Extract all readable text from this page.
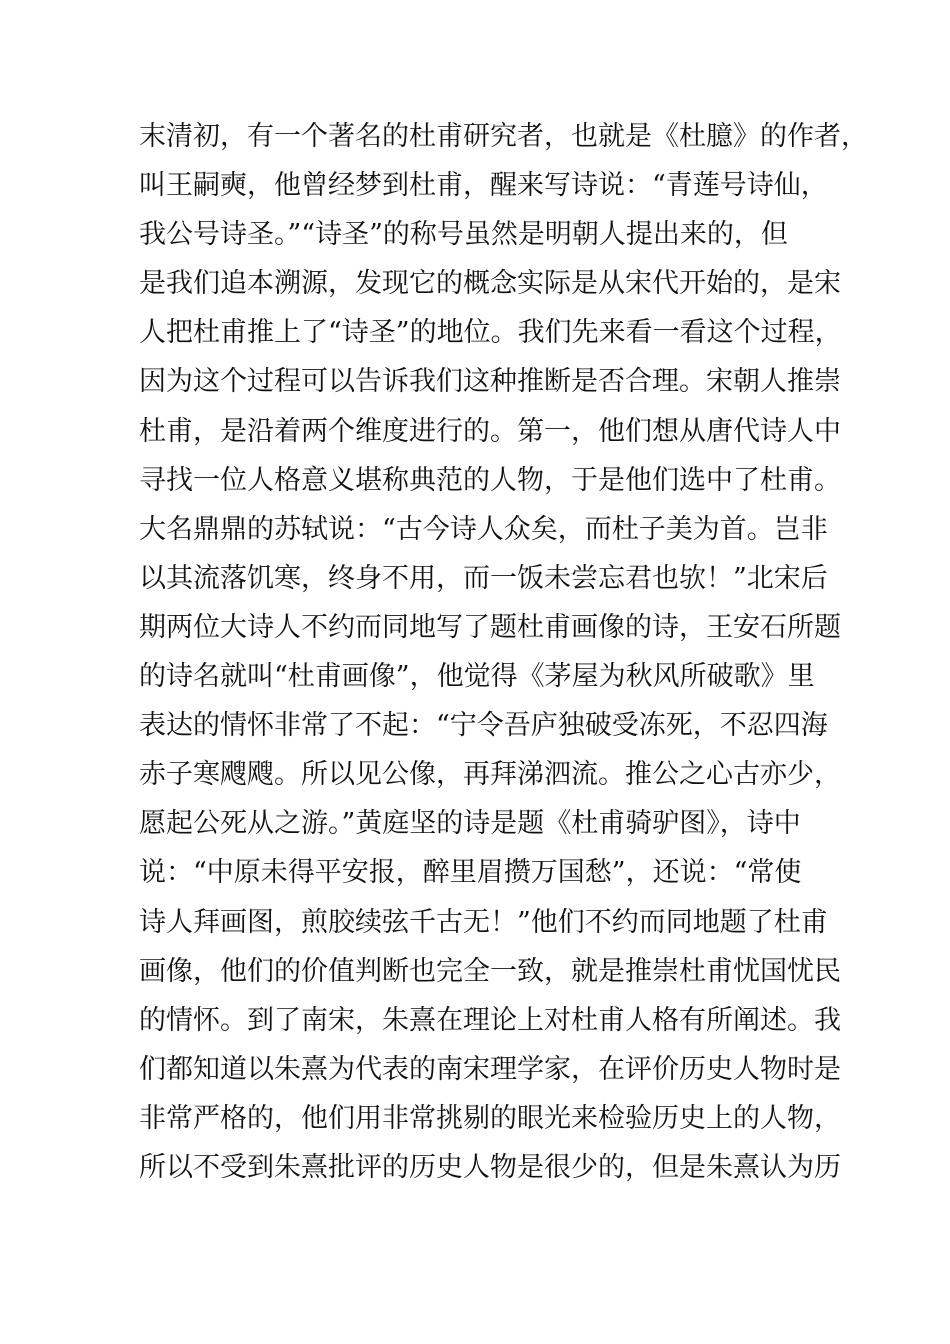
末清初，有一个著名的杜甫研究者，也就是《杜臆》的作者，
叫王嗣奭，他曾经梦到杜甫，醒来写诗说：“青莲号诗仙，
我公号诗圣。”“诗圣”的称号虽然是明朝人提出来的，但
是我们追本溯源，发现它的概念实际是从宋代开始的，是宋
人把杜甫推上了“诗圣”的地位。我们先来看一看这个过程，
因为这个过程可以告诉我们这种推断是否合理。宋朝人推崇
杜甫，是沿着两个维度进行的。第一，他们想从唐代诗人中
寻找一位人格意义堪称典范的人物，于是他们选中了杜甫。
大名鼎鼎的苏轼说：“古今诗人众矣，而杜子美为首。岂非
以其流落饥寒，终身不用，而一饭未尝忘君也欤！”北宋后
期两位大诗人不约而同地写了题杜甫画像的诗，王安石所题
的诗名就叫“杜甫画像”，他觉得《茅屋为秋风所破歌》里
表达的情怀非常了不起：“宁令吾庐独破受冻死，不忍四海
赤子寒飕飕。所以见公像，再拜涕泗流。推公之心古亦少，
愿起公死从之游。”黄庭坚的诗是题《杜甫骑驴图》，诗中
说：“中原未得平安报，醉里眉攒万国愁”，还说：“常使
诗人拜画图，煎胶续弦千古无！”他们不约而同地题了杜甫
画像，他们的价值判断也完全一致，就是推崇杜甫忧国忧民
的情怀。到了南宋，朱熹在理论上对杜甫人格有所阐述。我
们都知道以朱熹为代表的南宋理学家，在评价历史人物时是
非常严格的，他们用非常挑剔的眼光来检验历史上的人物，
所以不受到朱熹批评的历史人物是很少的，但是朱熹认为历
